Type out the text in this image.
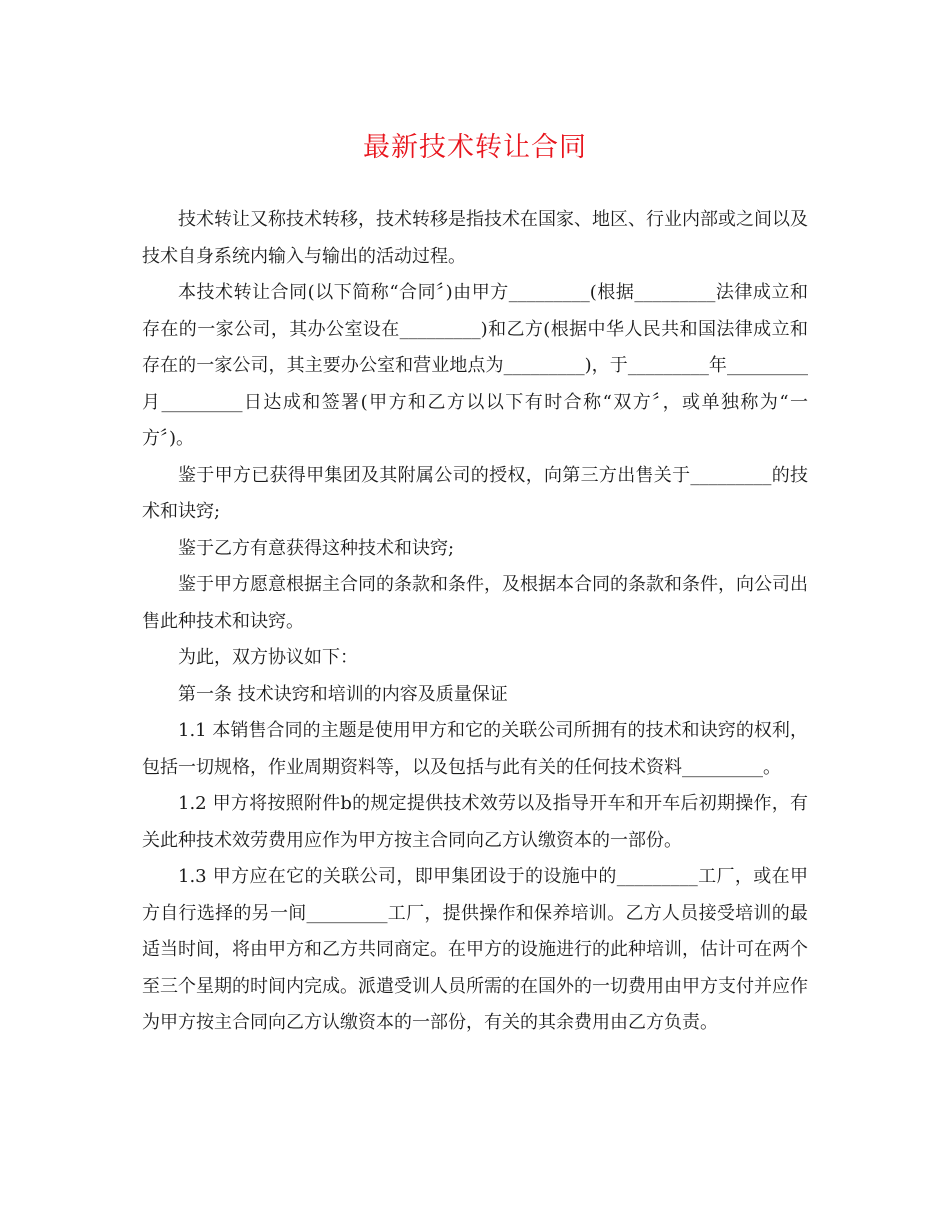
最新技术转让合同

技术转让又称技术转移，技术转移是指技术在国家、地区、行业内部或之间以及技术自身系统内输入与输出的活动过程。

本技术转让合同(以下简称“合同〞)由甲方_________(根据_________法律成立和存在的一家公司，其办公室设在_________)和乙方(根据中华人民共和国法律成立和存在的一家公司，其主要办公室和营业地点为_________)，于_________年_________月_________日达成和签署(甲方和乙方以以下有时合称“双方〞，或单独称为“一方〞)。

鉴于甲方已获得甲集团及其附属公司的授权，向第三方出售关于_________的技术和诀窍;

鉴于乙方有意获得这种技术和诀窍;

鉴于甲方愿意根据主合同的条款和条件，及根据本合同的条款和条件，向公司出售此种技术和诀窍。

为此，双方协议如下：

第一条 技术诀窍和培训的内容及质量保证

1.1 本销售合同的主题是使用甲方和它的关联公司所拥有的技术和诀窍的权利，包括一切规格，作业周期资料等，以及包括与此有关的任何技术资料_________。

1.2 甲方将按照附件b的规定提供技术效劳以及指导开车和开车后初期操作，有关此种技术效劳费用应作为甲方按主合同向乙方认缴资本的一部份。

1.3 甲方应在它的关联公司，即甲集团设于的设施中的_________工厂，或在甲方自行选择的另一间_________工厂，提供操作和保养培训。乙方人员接受培训的最适当时间，将由甲方和乙方共同商定。在甲方的设施进行的此种培训，估计可在两个至三个星期的时间内完成。派遣受训人员所需的在国外的一切费用由甲方支付并应作为甲方按主合同向乙方认缴资本的一部份，有关的其余费用由乙方负责。
